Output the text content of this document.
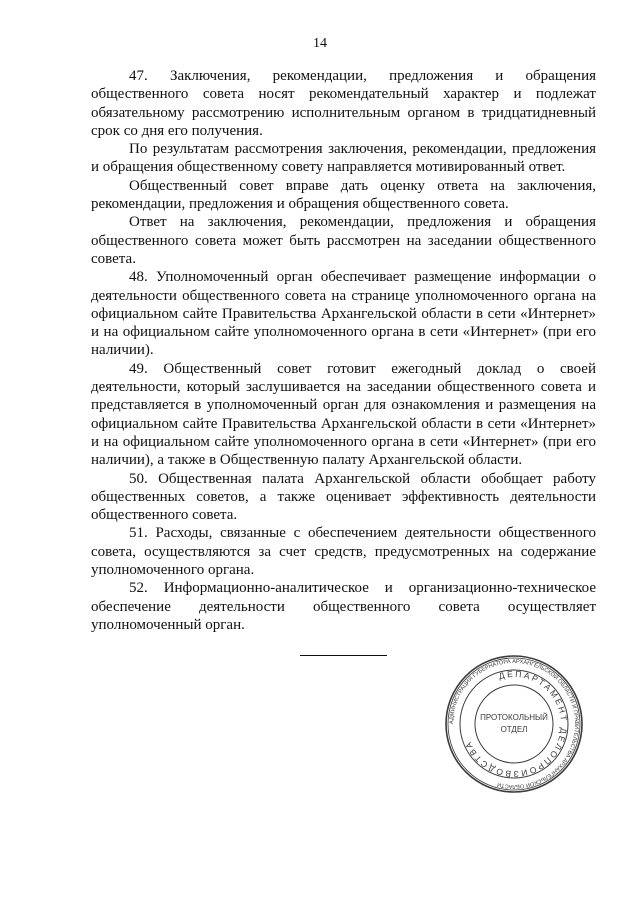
14

47. Заключения, рекомендации, предложения и обращения общественного совета носят рекомендательный характер и подлежат обязательному рассмотрению исполнительным органом в тридцатидневный срок со дня его получения.

По результатам рассмотрения заключения, рекомендации, предложения и обращения общественному совету направляется мотивированный ответ.

Общественный совет вправе дать оценку ответа на заключения, рекомендации, предложения и обращения общественного совета.

Ответ на заключения, рекомендации, предложения и обращения общественного совета может быть рассмотрен на заседании общественного совета.

48. Уполномоченный орган обеспечивает размещение информации о деятельности общественного совета на странице уполномоченного органа на официальном сайте Правительства Архангельской области в сети «Интернет» и на официальном сайте уполномоченного органа в сети «Интернет» (при его наличии).

49. Общественный совет готовит ежегодный доклад о своей деятельности, который заслушивается на заседании общественного совета и представляется в уполномоченный орган для ознакомления и размещения на официальном сайте Правительства Архангельской области в сети «Интернет» и на официальном сайте уполномоченного органа в сети «Интернет» (при его наличии), а также в Общественную палату Архангельской области.

50. Общественная палата Архангельской области обобщает работу общественных советов, а также оценивает эффективность деятельности общественного совета.

51. Расходы, связанные с обеспечением деятельности общественного совета, осуществляются за счет средств, предусмотренных на содержание уполномоченного органа.

52. Информационно-аналитическое и организационно-техническое обеспечение деятельности общественного совета осуществляет уполномоченный орган.

АДМИНИСТРАЦИЯ ГУБЕРНАТОРА АРХАНГЕЛЬСКОЙ ОБЛАСТИ И ПРАВИТЕЛЬСТВА АРХАНГЕЛЬСКОЙ ОБЛАСТИ
ДЕПАРТАМЕНТ ДЕЛОПРОИЗВОДСТВА
ПРОТОКОЛЬНЫЙ
ОТДЕЛ
